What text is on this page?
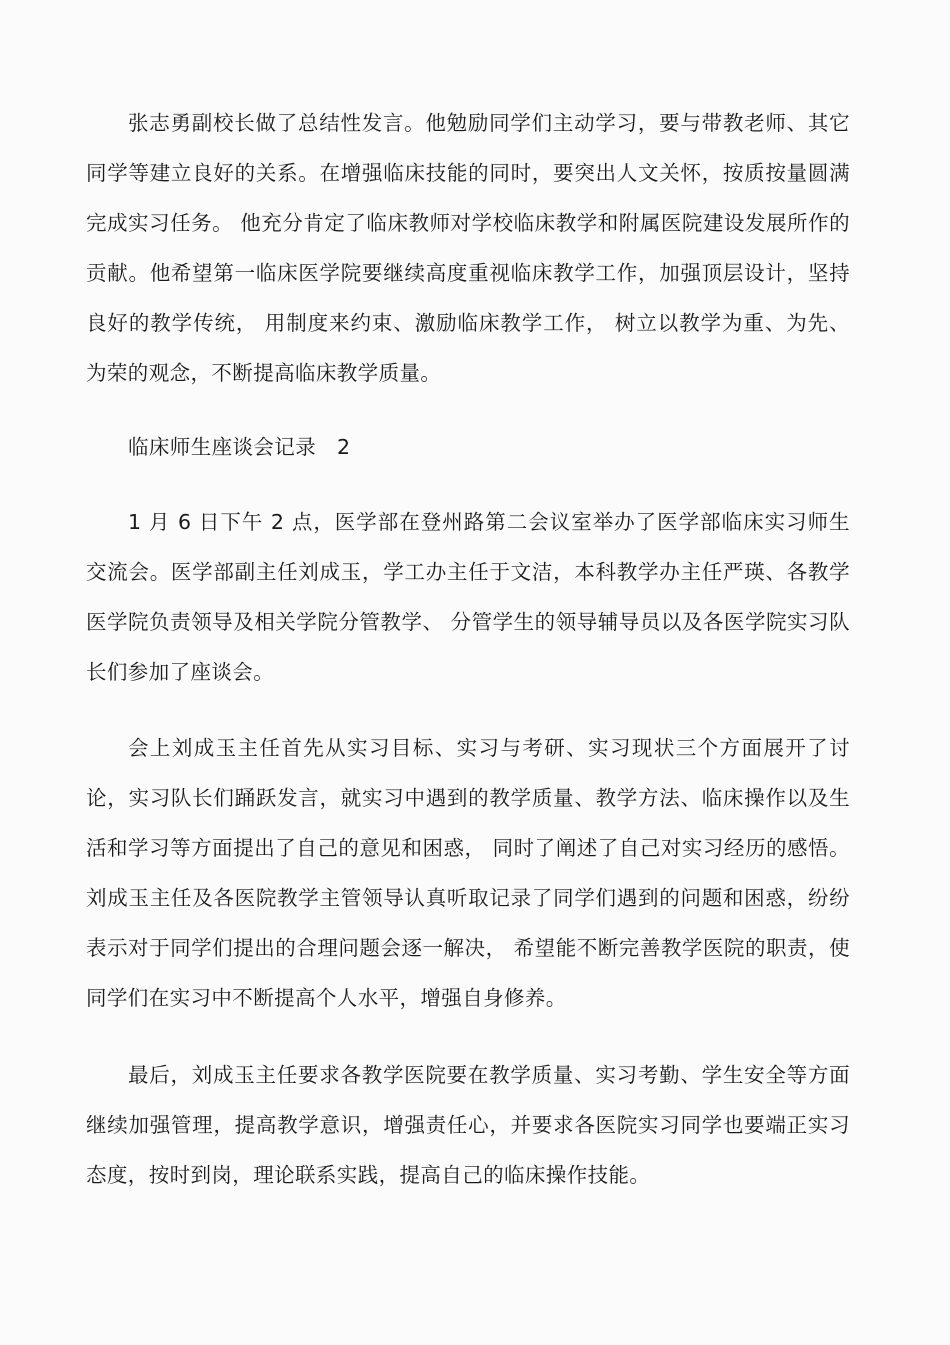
张志勇副校长做了总结性发言。他勉励同学们主动学习，要与带教老师、其它同学等建立良好的关系。在增强临床技能的同时，要突出人文关怀，按质按量圆满完成实习任务。 他充分肯定了临床教师对学校临床教学和附属医院建设发展所作的贡献。他希望第一临床医学院要继续高度重视临床教学工作，加强顶层设计，坚持良好的教学传统， 用制度来约束、激励临床教学工作， 树立以教学为重、为先、为荣的观念，不断提高临床教学质量。

临床师生座谈会记录　2

1 月 6 日下午 2 点，医学部在登州路第二会议室举办了医学部临床实习师生交流会。医学部副主任刘成玉，学工办主任于文洁，本科教学办主任严瑛、各教学医学院负责领导及相关学院分管教学、 分管学生的领导辅导员以及各医学院实习队长们参加了座谈会。

会上刘成玉主任首先从实习目标、实习与考研、实习现状三个方面展开了讨论，实习队长们踊跃发言，就实习中遇到的教学质量、教学方法、临床操作以及生活和学习等方面提出了自己的意见和困惑， 同时了阐述了自己对实习经历的感悟。刘成玉主任及各医院教学主管领导认真听取记录了同学们遇到的问题和困惑，纷纷表示对于同学们提出的合理问题会逐一解决， 希望能不断完善教学医院的职责，使同学们在实习中不断提高个人水平，增强自身修养。

最后，刘成玉主任要求各教学医院要在教学质量、实习考勤、学生安全等方面继续加强管理，提高教学意识，增强责任心，并要求各医院实习同学也要端正实习态度，按时到岗，理论联系实践，提高自己的临床操作技能。
